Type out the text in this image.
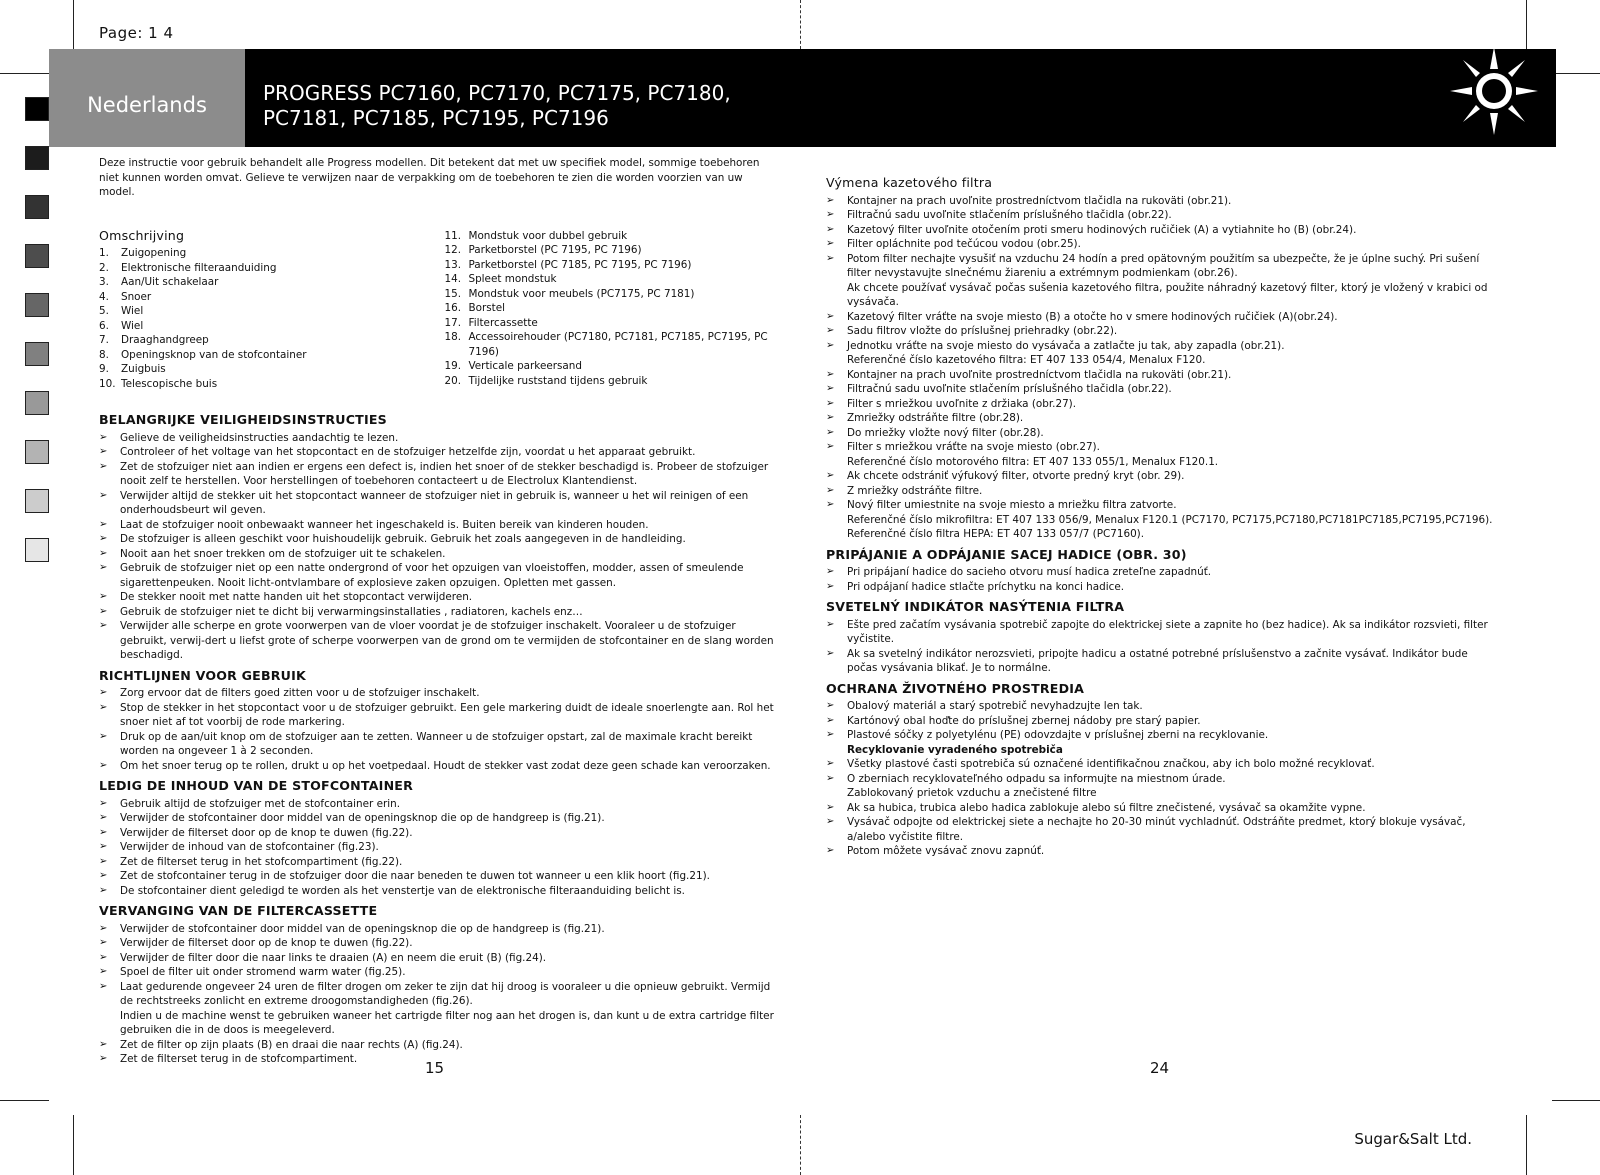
Page: 1 4
Nederlands	PROGRESS PC7160, PC7170, PC7175, PC7180,
PC7181, PC7185, PC7195, PC7196

Deze instructie voor gebruik behandelt alle Progress modellen. Dit betekent dat met uw specifiek model, sommige toebehoren niet kunnen worden omvat. Gelieve te verwijzen naar de verpakking om de toebehoren te zien die worden voorzien van uw model.

Omschrijving
1.	Zuigopening
2.	Elektronische filteraanduiding
3.	Aan/Uit schakelaar
4.	Snoer
5.	Wiel
6.	Wiel
7.	Draaghandgreep
8.	Openingsknop van de stofcontainer
9.	Zuigbuis
10. Telescopische buis
11. Mondstuk voor dubbel gebruik
12. Parketborstel (PC 7195, PC 7196)
13. Parketborstel (PC 7185, PC 7195, PC 7196)
14. Spleet mondstuk
15. Mondstuk voor meubels (PC7175, PC 7181)
16. Borstel
17. Filtercassette
18. Accessoirehouder (PC7180, PC7181, PC7185, PC7195, PC 7196)
19. Verticale parkeersand
20. Tijdelijke ruststand tijdens gebruik
BELANGRIJKE VEILIGHEIDSINSTRUCTIES
➢ Gelieve de veiligheidsinstructies aandachtig te lezen.
➢ Controleer of het voltage van het stopcontact en de stofzuiger hetzelfde zijn, voordat u het apparaat gebruikt.
➢ Zet de stofzuiger niet aan indien er ergens een defect is, indien het snoer of de stekker beschadigd is. Probeer de stofzuiger nooit zelf te herstellen. Voor herstellingen of toebehoren contacteert u de Electrolux Klantendienst.
➢ Verwijder altijd de stekker uit het stopcontact wanneer de stofzuiger niet in gebruik is, wanneer u het wil reinigen of een onderhoudsbeurt wil geven.
➢ Laat de stofzuiger nooit onbewaakt wanneer het ingeschakeld is. Buiten bereik van kinderen houden.
➢ De stofzuiger is alleen geschikt voor huishoudelijk gebruik. Gebruik het zoals aangegeven in de handleiding.
➢ Nooit aan het snoer trekken om de stofzuiger uit te schakelen.
➢ Gebruik de stofzuiger niet op een natte ondergrond of voor het opzuigen van vloeistoffen, modder, assen of smeulende sigarettenpeuken. Nooit licht-ontvlambare of explosieve zaken opzuigen. Opletten met gassen.
➢ De stekker nooit met natte handen uit het stopcontact verwijderen.
➢ Gebruik de stofzuiger niet te dicht bij verwarmingsinstallaties , radiatoren, kachels enz…
➢ Verwijder alle scherpe en grote voorwerpen van de vloer voordat je de stofzuiger inschakelt. Vooraleer u de stofzuiger gebruikt, verwij-dert u liefst grote of scherpe voorwerpen van de grond om te vermijden de stofcontainer en de slang worden beschadigd.
RICHTLIJNEN VOOR GEBRUIK
➢ Zorg ervoor dat de filters goed zitten voor u de stofzuiger inschakelt.
➢ Stop de stekker in het stopcontact voor u de stofzuiger gebruikt. Een gele markering duidt de ideale snoerlengte aan. Rol het snoer niet af tot voorbij de rode markering.
➢ Druk op de aan/uit knop om de stofzuiger aan te zetten. Wanneer u de stofzuiger opstart, zal de maximale kracht bereikt worden na ongeveer 1 à 2 seconden.
➢ Om het snoer terug op te rollen, drukt u op het voetpedaal. Houdt de stekker vast zodat deze geen schade kan veroorzaken.
LEDIG DE INHOUD VAN DE STOFCONTAINER
➢ Gebruik altijd de stofzuiger met de stofcontainer erin.
➢ Verwijder de stofcontainer door middel van de openingsknop die op de handgreep is (fig.21).
➢ Verwijder de filterset door op de knop te duwen (fig.22).
➢ Verwijder de inhoud van de stofcontainer (fig.23).
➢ Zet de filterset terug in het stofcompartiment (fig.22).
➢ Zet de stofcontainer terug in de stofzuiger door die naar beneden te duwen tot wanneer u een klik hoort (fig.21).
➢ De stofcontainer dient geledigd te worden als het venstertje van de elektronische filteraanduiding belicht is.
VERVANGING VAN DE FILTERCASSETTE
➢ Verwijder de stofcontainer door middel van de openingsknop die op de handgreep is (fig.21).
➢ Verwijder de filterset door op de knop te duwen (fig.22).
➢ Verwijder de filter door die naar links te draaien (A) en neem die eruit (B) (fig.24).
➢ Spoel de filter uit onder stromend warm water (fig.25).
➢ Laat gedurende ongeveer 24 uren de filter drogen om zeker te zijn dat hij droog is vooraleer u die opnieuw gebruikt. Vermijd de rechtstreeks zonlicht en extreme droogomstandigheden (fig.26).
Indien u de machine wenst te gebruiken waneer het cartrigde filter nog aan het drogen is, dan kunt u de extra cartridge filter gebruiken die in de doos is meegeleverd.
➢ Zet de filter op zijn plaats (B) en draai die naar rechts (A) (fig.24).
➢ Zet de filterset terug in de stofcompartiment.
Výmena kazetového filtra
➢ Kontajner na prach uvoľnite prostredníctvom tlačidla na rukoväti (obr.21).
➢ Filtračnú sadu uvoľnite stlačením príslušného tlačidla (obr.22).
➢ Kazetový filter uvoľnite otočením proti smeru hodinových ručičiek (A) a vytiahnite ho (B) (obr.24).
➢ Filter opláchnite pod tečúcou vodou (obr.25).
➢ Potom filter nechajte vysušiť na vzduchu 24 hodín a pred opätovným použitím sa ubezpečte, že je úplne suchý. Pri sušení filter nevystavujte slnečnému žiareniu a extrémnym podmienkam (obr.26).
Ak chcete používať vysávač počas sušenia kazetového filtra, použite náhradný kazetový filter, ktorý je vložený v krabici od vysávača.
➢ Kazetový filter vráťte na svoje miesto (B) a otočte ho v smere hodinových ručičiek (A)(obr.24).
➢ Sadu filtrov vložte do príslušnej priehradky (obr.22).
➢ Jednotku vráťte na svoje miesto do vysávača a zatlačte ju tak, aby zapadla (obr.21).
Referenčné číslo kazetového filtra: ET 407 133 054/4, Menalux F120.
➢ Kontajner na prach uvoľnite prostredníctvom tlačidla na rukoväti (obr.21).
➢ Filtračnú sadu uvoľnite stlačením príslušného tlačidla (obr.22).
➢ Filter s mriežkou uvoľnite z držiaka (obr.27).
➢ Zmriežky odstráňte filtre (obr.28).
➢ Do mriežky vložte nový filter (obr.28).
➢ Filter s mriežkou vráťte na svoje miesto (obr.27).
Referenčné číslo motorového filtra: ET 407 133 055/1, Menalux F120.1.
➢ Ak chcete odstrániť výfukový filter, otvorte predný kryt (obr. 29).
➢ Z mriežky odstráňte filtre.
➢ Nový filter umiestnite na svoje miesto a mriežku filtra zatvorte.
Referenčné číslo mikrofiltra: ET 407 133 056/9, Menalux F120.1 (PC7170, PC7175,PC7180,PC7181PC7185,PC7195,PC7196).
Referenčné číslo filtra HEPA: ET 407 133 057/7 (PC7160).
PRIPÁJANIE A ODPÁJANIE SACEJ HADICE (OBR. 30)
➢ Pri pripájaní hadice do sacieho otvoru musí hadica zreteľne zapadnúť.
➢ Pri odpájaní hadice stlačte príchytku na konci hadice.
SVETELNÝ INDIKÁTOR NASÝTENIA FILTRA
➢ Ešte pred začatím vysávania spotrebič zapojte do elektrickej siete a zapnite ho (bez hadice). Ak sa indikátor rozsvieti, filter vyčistite.
➢ Ak sa svetelný indikátor nerozsvieti, pripojte hadicu a ostatné potrebné príslušenstvo a začnite vysávať. Indikátor bude počas vysávania blikať. Je to normálne.
OCHRANA ŽIVOTNÉHO PROSTREDIA
➢ Obalový materiál a starý spotrebič nevyhadzujte len tak.
➢ Kartónový obal hoďte do príslušnej zbernej nádoby pre starý papier.
➢ Plastové sóčky z polyetylénu (PE) odovzdajte v príslušnej zberni na recyklovanie.
Recyklovanie vyradeného spotrebiča
➢ Všetky plastové časti spotrebiča sú označené identifikačnou značkou, aby ich bolo možné recyklovať.
➢ O zberniach recyklovateľného odpadu sa informujte na miestnom úrade.
Zablokovaný prietok vzduchu a znečistené filtre
➢ Ak sa hubica, trubica alebo hadica zablokuje alebo sú filtre znečistené, vysávač sa okamžite vypne.
➢ Vysávač odpojte od elektrickej siete a nechajte ho 20-30 minút vychladnúť. Odstráňte predmet, ktorý blokuje vysávač, a/alebo vyčistite filtre.
➢ Potom môžete vysávač znovu zapnúť.
15	24
Sugar&Salt Ltd.
